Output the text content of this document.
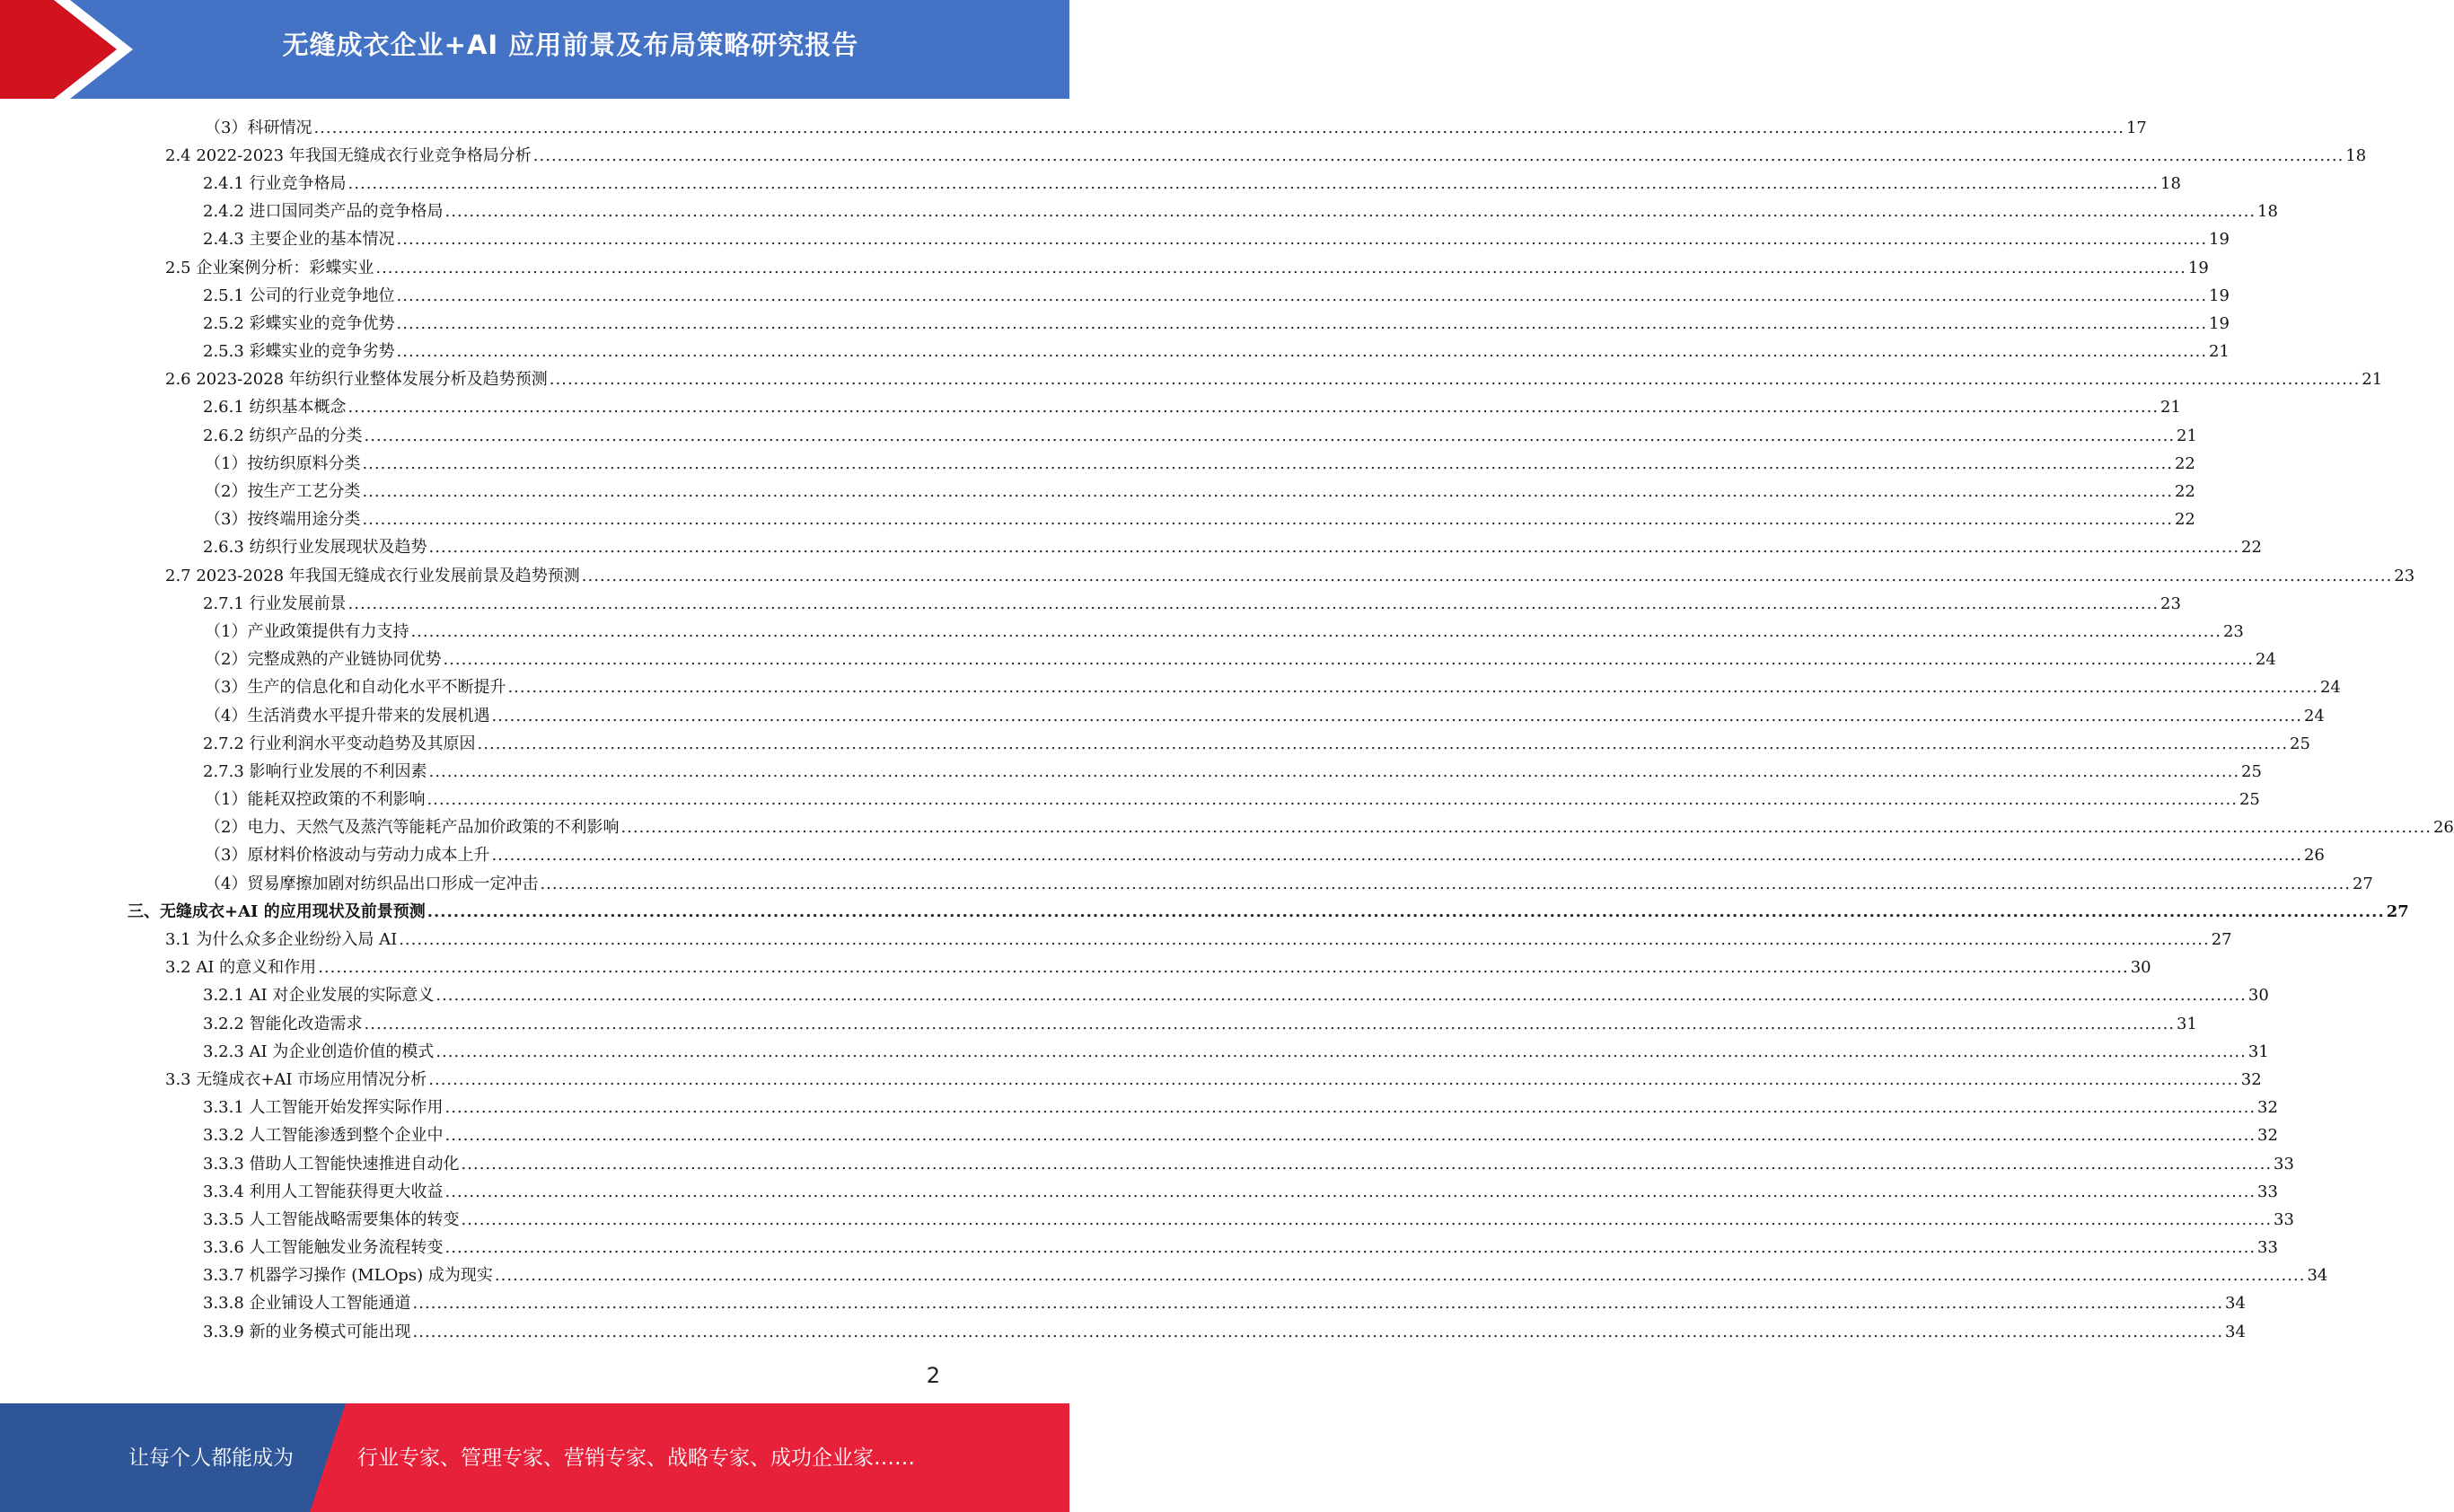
无缝成衣企业+AI 应用前景及布局策略研究报告
（3）科研情况 ............................................................................................................................................................................................................................................................................................................ 17
2.4 2022-2023 年我国无缝成衣行业竞争格局分析 ............................................................................................................................................................................................................................................................................................................ 18
2.4.1 行业竞争格局 ............................................................................................................................................................................................................................................................................................................ 18
2.4.2 进口国同类产品的竞争格局 ............................................................................................................................................................................................................................................................................................................ 18
2.4.3 主要企业的基本情况 ............................................................................................................................................................................................................................................................................................................ 19
2.5 企业案例分析：彩蝶实业 ............................................................................................................................................................................................................................................................................................................ 19
2.5.1 公司的行业竞争地位 ............................................................................................................................................................................................................................................................................................................ 19
2.5.2 彩蝶实业的竞争优势 ............................................................................................................................................................................................................................................................................................................ 19
2.5.3 彩蝶实业的竞争劣势 ............................................................................................................................................................................................................................................................................................................ 21
2.6 2023-2028 年纺织行业整体发展分析及趋势预测 ............................................................................................................................................................................................................................................................................................................ 21
2.6.1 纺织基本概念 ............................................................................................................................................................................................................................................................................................................ 21
2.6.2 纺织产品的分类 ............................................................................................................................................................................................................................................................................................................ 21
（1）按纺织原料分类 ............................................................................................................................................................................................................................................................................................................ 22
（2）按生产工艺分类 ............................................................................................................................................................................................................................................................................................................ 22
（3）按终端用途分类 ............................................................................................................................................................................................................................................................................................................ 22
2.6.3 纺织行业发展现状及趋势 ............................................................................................................................................................................................................................................................................................................ 22
2.7 2023-2028 年我国无缝成衣行业发展前景及趋势预测 ............................................................................................................................................................................................................................................................................................................ 23
2.7.1 行业发展前景 ............................................................................................................................................................................................................................................................................................................ 23
（1）产业政策提供有力支持 ............................................................................................................................................................................................................................................................................................................ 23
（2）完整成熟的产业链协同优势 ............................................................................................................................................................................................................................................................................................................ 24
（3）生产的信息化和自动化水平不断提升 ............................................................................................................................................................................................................................................................................................................ 24
（4）生活消费水平提升带来的发展机遇 ............................................................................................................................................................................................................................................................................................................ 24
2.7.2 行业利润水平变动趋势及其原因 ............................................................................................................................................................................................................................................................................................................ 25
2.7.3 影响行业发展的不利因素 ............................................................................................................................................................................................................................................................................................................ 25
（1）能耗双控政策的不利影响 ............................................................................................................................................................................................................................................................................................................ 25
（2）电力、天然气及蒸汽等能耗产品加价政策的不利影响 ............................................................................................................................................................................................................................................................................................................ 26
（3）原材料价格波动与劳动力成本上升 ............................................................................................................................................................................................................................................................................................................ 26
（4）贸易摩擦加剧对纺织品出口形成一定冲击 ............................................................................................................................................................................................................................................................................................................ 27
三、无缝成衣+AI 的应用现状及前景预测 ............................................................................................................................................................................................................................................................................................................ 27
3.1 为什么众多企业纷纷入局 AI ............................................................................................................................................................................................................................................................................................................ 27
3.2 AI 的意义和作用 ............................................................................................................................................................................................................................................................................................................ 30
3.2.1 AI 对企业发展的实际意义 ............................................................................................................................................................................................................................................................................................................ 30
3.2.2 智能化改造需求 ............................................................................................................................................................................................................................................................................................................ 31
3.2.3 AI 为企业创造价值的模式 ............................................................................................................................................................................................................................................................................................................ 31
3.3 无缝成衣+AI 市场应用情况分析 ............................................................................................................................................................................................................................................................................................................ 32
3.3.1 人工智能开始发挥实际作用 ............................................................................................................................................................................................................................................................................................................ 32
3.3.2 人工智能渗透到整个企业中 ............................................................................................................................................................................................................................................................................................................ 32
3.3.3 借助人工智能快速推进自动化 ............................................................................................................................................................................................................................................................................................................ 33
3.3.4 利用人工智能获得更大收益 ............................................................................................................................................................................................................................................................................................................ 33
3.3.5 人工智能战略需要集体的转变 ............................................................................................................................................................................................................................................................................................................ 33
3.3.6 人工智能触发业务流程转变 ............................................................................................................................................................................................................................................................................................................ 33
3.3.7 机器学习操作 (MLOps) 成为现实 ............................................................................................................................................................................................................................................................................................................ 34
3.3.8 企业铺设人工智能通道 ............................................................................................................................................................................................................................................................................................................ 34
3.3.9 新的业务模式可能出现 ............................................................................................................................................................................................................................................................................................................ 34
2
让每个人都能成为	行业专家、管理专家、营销专家、战略专家、成功企业家……
